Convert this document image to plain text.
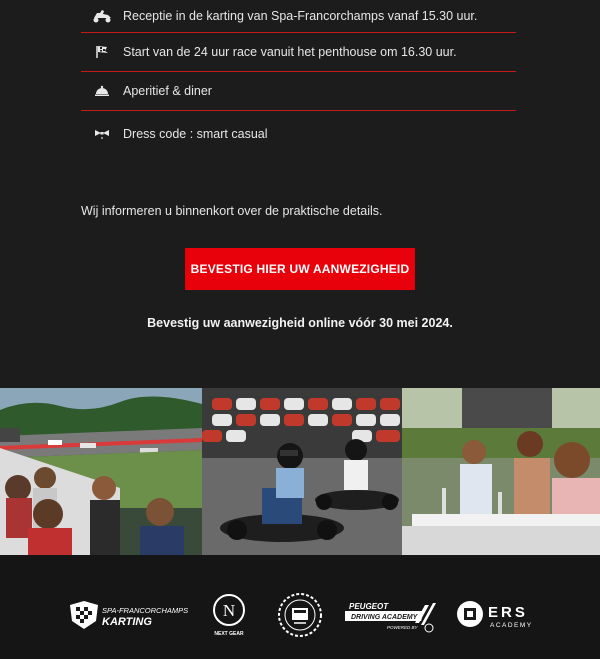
Receptie in de karting van Spa-Francorchamps vanaf 15.30 uur.
Start van de 24 uur race vanuit het penthouse om 16.30 uur.
Aperitief & diner
Dress code : smart casual

Wij informeren u binnenkort over de praktische details.

BEVESTIG HIER UW AANWEZIGHEID

Bevestig uw aanwezigheid online vóór 30 mei 2024.

SPA-FRANCORCHAMPS
KARTING
N
NEXT GEAR
PEUGEOT
DRIVING ACADEMY
POWERED BY
ERS
ACADEMY
